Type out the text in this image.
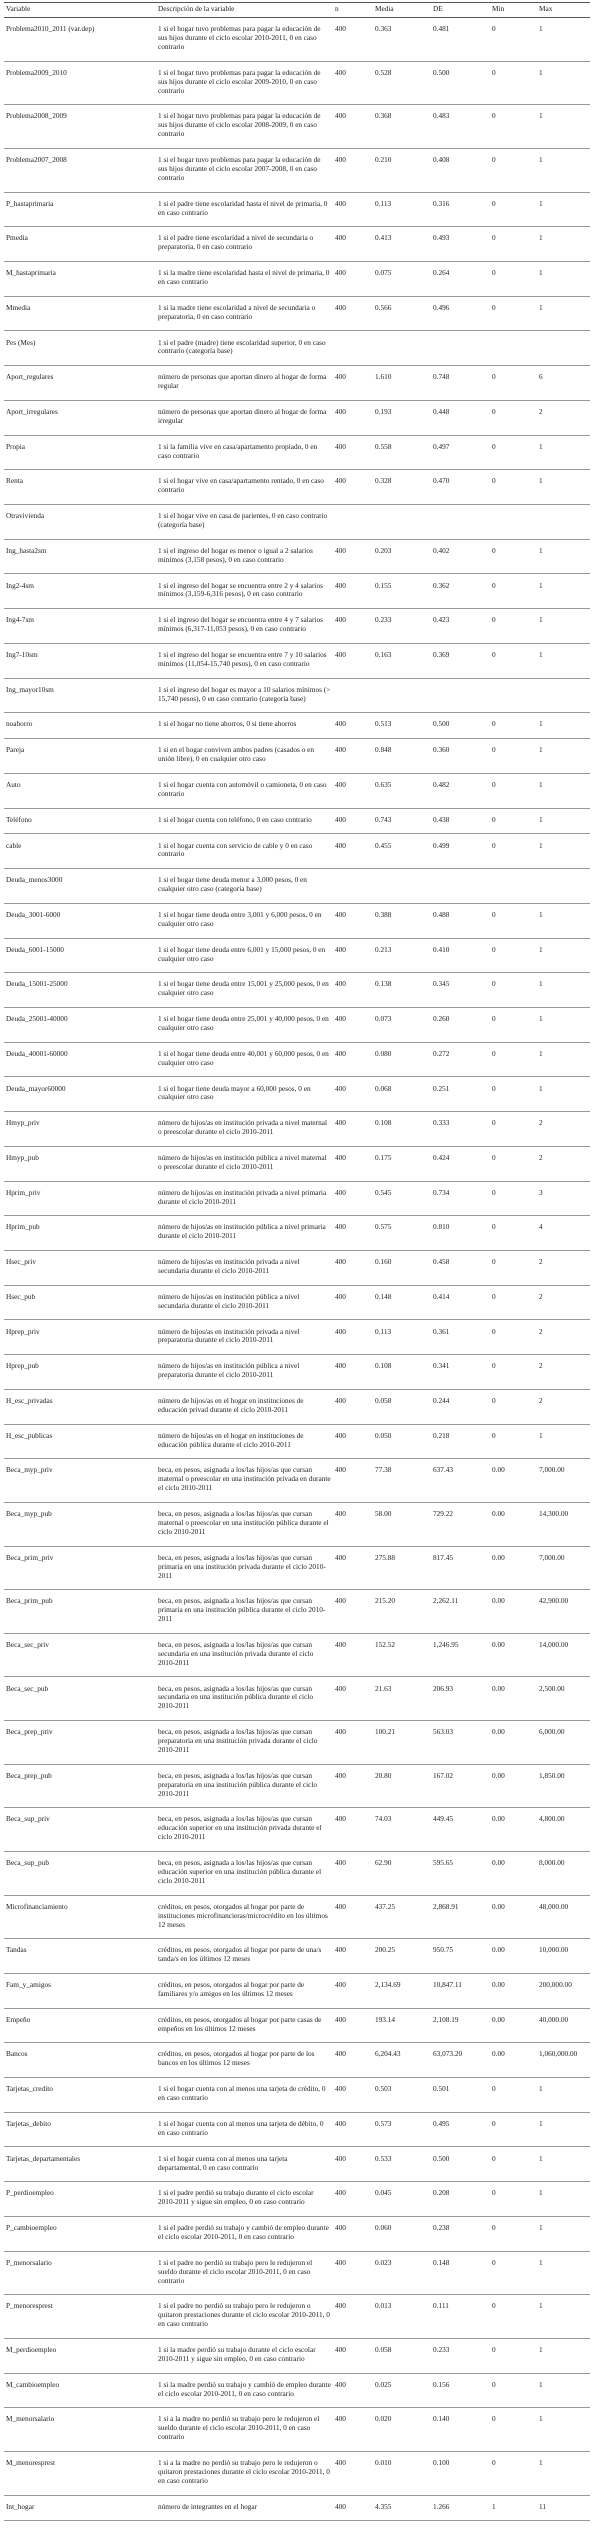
Variable	Descripción de la variable	n	Media	DE	Min	Max
Problema2010_2011 (var.dep)	1 si el hogar tuvo problemas para pagar la educación de sus hijos durante el ciclo escolar 2010-2011, 0 en caso contrario	400	0.363	0.481	0	1
Problema2009_2010	1 si el hogar tuvo problemas para pagar la educación de sus hijos durante el ciclo escolar 2009-2010, 0 en caso contrario	400	0.528	0.500	0	1
Problema2008_2009	1 si el hogar tuvo problemas para pagar la educación de sus hijos durante el ciclo escolar 2008-2009, 0 en caso contrario	400	0.368	0.483	0	1
Problema2007_2008	1 si el hogar tuvo problemas para pagar la educación de sus hijos durante el ciclo escolar 2007-2008, 0 en caso contrario	400	0.210	0.408	0	1
P_hastaprimaria	1 si el padre tiene escolaridad hasta el nivel de primaria, 0 en caso contrario	400	0.113	0.316	0	1
Pmedia	1 si el padre tiene escolaridad a nivel de secundaria o preparatoria, 0 en caso contrario	400	0.413	0.493	0	1
M_hastaprimaria	1 si la madre tiene escolaridad hasta el nivel de primaria, 0 en caso contrario	400	0.075	0.264	0	1
Mmedia	1 si la madre tiene escolaridad a nivel de secundaria o preparatoria, 0 en caso contrario	400	0.566	0.496	0	1
Pes (Mes)	1 si el padre (madre) tiene escolaridad superior, 0 en caso contrario (categoría base)					
Aport_regulares	número de personas que aportan dinero al hogar de forma regular	400	1.610	0.748	0	6
Aport_irregulares	número de personas que aportan dinero al hogar de forma irregular	400	0.193	0.448	0	2
Propia	1 si la familia vive en casa/apartamento propiado, 0 en caso contrario	400	0.558	0.497	0	1
Renta	1 si el hogar vive en casa/apartamento rentado, 0 en caso contrario	400	0.328	0.470	0	1
Otravivienda	1 si el hogar vive en casa de parientes, 0 en caso contrario (categoría base)					
Ing_hasta2sm	1 si el ingreso del hogar es menor o igual a 2 salarios mínimos (3,158 pesos), 0 en caso contrario	400	0.203	0.402	0	1
Ing2-4sm	1 si el ingreso del hogar se encuentra entre 2 y 4 salarios mínimos (3,159-6,316 pesos), 0 en caso contrario	400	0.155	0.362	0	1
Ing4-7sm	1 si el ingreso del hogar se encuentra entre 4 y 7 salarios mínimos (6,317-11,053 pesos), 0 en caso contrario	400	0.233	0.423	0	1
Ing7-10sm	1 si el ingreso del hogar se encuentra entre 7 y 10 salarios mínimos (11,054-15,740 pesos), 0 en caso contrario	400	0.163	0.369	0	1
Ing_mayor10sm	1 si el ingreso del hogar es mayor a 10 salarios mínimos (> 15,740 pesos), 0 en caso contrario (categoría base)					
noahorro	1 si el hogar no tiene ahorros, 0 si tiene ahorros	400	0.513	0.500	0	1
Pareja	1 si en el hogar conviven ambos padres (casados o en unión libre), 0 en cualquier otro caso	400	0.848	0.360	0	1
Auto	1 si el hogar cuenta con automóvil o camioneta, 0 en caso contrario	400	0.635	0.482	0	1
Teléfono	1 si el hogar cuenta con teléfono, 0 en caso contrario	400	0.743	0.438	0	1
cable	1 si el hogar cuenta con servicio de cable y 0 en caso contrario	400	0.455	0.499	0	1
Deuda_menos3000	1 si el hogar tiene deuda menor a 3,000 pesos, 0 en cualquier otro caso (categoría base)					
Deuda_3001-6000	1 si el hogar tiene deuda entre 3,001 y 6,000 pesos, 0 en cualquier otro caso	400	0.388	0.488	0	1
Deuda_6001-15000	1 si el hogar tiene deuda entre 6,001 y 15,000 pesos, 0 en cualquier otro caso	400	0.213	0.410	0	1
Deuda_15001-25000	1 si el hogar tiene deuda entre 15,001 y 25,000 pesos, 0 en cualquier otro caso	400	0.138	0.345	0	1
Deuda_25001-40000	1 si el hogar tiene deuda entre 25,001 y 40,000 pesos, 0 en cualquier otro caso	400	0.073	0.260	0	1
Deuda_40001-60000	1 si el hogar tiene deuda entre 40,001 y 60,000 pesos, 0 en cualquier otro caso	400	0.080	0.272	0	1
Deuda_mayor60000	1 si el hogar tiene deuda mayor a 60,000 pesos, 0 en cualquier otro caso	400	0.068	0.251	0	1
Hmyp_priv	número de hijos/as en institución privada a nivel maternal o preescolar durante el ciclo 2010-2011	400	0.108	0.333	0	2
Hmyp_pub	número de hijos/as en institución pública a nivel maternal o preescolar durante el ciclo 2010-2011	400	0.175	0.424	0	2
Hprim_priv	número de hijos/as en institución privada a nivel primaria durante el ciclo 2010-2011	400	0.545	0.734	0	3
Hprim_pub	número de hijos/as en institución pública a nivel primaria durante el ciclo 2010-2011	400	0.575	0.810	0	4
Hsec_priv	número de hijos/as en institución privada a nivel secundaria durante el ciclo 2010-2011	400	0.160	0.458	0	2
Hsec_pub	número de hijos/as en institución pública a nivel secundaria durante el ciclo 2010-2011	400	0.148	0.414	0	2
Hprep_priv	número de hijos/as en institución privada a nivel preparatoria durante el ciclo 2010-2011	400	0.113	0.361	0	2
Hprep_pub	número de hijos/as en institución pública a nivel preparatoria durante el ciclo 2010-2011	400	0.108	0.341	0	2
H_esc_privadas	número de hijos/as en el hogar en instituciones de educación privad durante el ciclo 2010-2011	400	0.058	0.244	0	2
H_esc_publicas	número de hijos/as en el hogar en instituciones de educación pública durante el ciclo 2010-2011	400	0.050	0.218	0	1
Beca_myp_priv	beca, en pesos, asignada a los/las hijos/as que cursan maternal o preescolar en una institución privada en durante el ciclo 2010-2011	400	77.38	637.43	0.00	7,000.00
Beca_myp_pub	beca, en pesos, asignada a los/las hijos/as que cursan maternal o preescolar en una institución pública durante el ciclo 2010-2011	400	58.00	729.22	0.00	14,300.00
Beca_prim_priv	beca, en pesos, asignada a los/las hijos/as que cursan primaria en una institución privada durante el ciclo 2010-2011	400	275.88	817.45	0.00	7,000.00
Beca_prim_pub	beca, en pesos, asignada a los/las hijos/as que cursan primaria en una institución pública durante el ciclo 2010-2011	400	215.20	2,262.11	0.00	42,900.00
Beca_sec_priv	beca, en pesos, asignada a los/las hijos/as que cursan secundaria en una institución privada durante el ciclo 2010-2011	400	152.52	1,246.95	0.00	14,000.00
Beca_sec_pub	beca, en pesos, asignada a los/las hijos/as que cursan secundaria en una institución pública durante el ciclo 2010-2011	400	21.63	206.93	0.00	2,500.00
Beca_prep_priv	beca, en pesos, asignada a los/las hijos/as que cursan preparatoria en una institución privada durante el ciclo 2010-2011	400	100.21	563.03	0.00	6,000.00
Beca_prep_pub	beca, en pesos, asignada a los/las hijos/as que cursan preparatoria en una institución pública durante el ciclo 2010-2011	400	20.80	167.02	0.00	1,850.00
Beca_sup_priv	beca, en pesos, asignada a los/las hijos/as que cursan educación superior en una institución privada durante el ciclo 2010-2011	400	74.03	449.45	0.00	4,800.00
Beca_sup_pub	beca, en pesos, asignada a los/las hijos/as que cursan educación superior en una institución pública durante el ciclo 2010-2011	400	62.90	595.65	0.00	8,000.00
Microfinanciamiento	créditos, en pesos, otorgados al hogar por parte de instituciones microfinancieras/microcrédito en los últimos 12 meses	400	437.25	2,868.91	0.00	48,000.00
Tandas	créditos, en pesos, otorgados al hogar por parte de una/s tanda/s en los últimos 12 meses	400	200.25	950.75	0.00	10,000.00
Fam_y_amigos	créditos, en pesos, otorgados al hogar por parte de familiares y/o amigos en los últimos 12 meses	400	2,134.69	10,847.11	0.00	200,000.00
Empeño	créditos, en pesos, otorgados al hogar por parte casas de empeños en los últimos 12 meses	400	193.14	2,108.19	0.00	40,000.00
Bancos	créditos, en pesos, otorgados al hogar por parte de los bancos en los últimos 12 meses	400	6,204.43	63,073.20	0.00	1,060,000.00
Tarjetas_credito	1 si el hogar cuenta con al menos una tarjeta de crédito, 0 en caso contrario	400	0.503	0.501	0	1
Tarjetas_debito	1 si el hogar cuenta con al menos una tarjeta de débito, 0 en caso contrario	400	0.573	0.495	0	1
Tarjetas_departamentales	1 si el hogar cuenta con al menos una tarjeta departamental, 0 en caso contrario	400	0.533	0.500	0	1
P_perdioempleo	1 si el padre perdió su trabajo durante el ciclo escolar 2010-2011 y sigue sin empleo, 0 en caso contrario	400	0.045	0.208	0	1
P_cambioempleo	1 si el padre perdió su trabajo y cambió de empleo durante el ciclo escolar 2010-2011, 0 en caso contrario	400	0.060	0.238	0	1
P_menorsalario	1 si el padre no perdió su trabajo pero le redujeron el sueldo durante el ciclo escolar 2010-2011, 0 en caso contrario	400	0.023	0.148	0	1
P_menoresprest	1 si el padre no perdió su trabajo pero le redujeron o quitaron prestaciones durante el ciclo escolar 2010-2011, 0 en caso contrario	400	0.013	0.111	0	1
M_perdioempleo	1 si la madre perdió su trabajo durante el ciclo escolar 2010-2011 y sigue sin empleo, 0 en caso contrario	400	0.058	0.233	0	1
M_cambioempleo	1 si la madre perdió su trabajo y cambió de empleo durante el ciclo escolar 2010-2011, 0 en caso contrario	400	0.025	0.156	0	1
M_menorsalario	1 si a la madre no perdió su trabajo pero le redujeron el sueldo durante el ciclo escolar 2010-2011, 0 en caso contrario	400	0.020	0.140	0	1
M_menoresprest	1 si a la madre no perdió su trabajo pero le redujeron o quitaron prestaciones durante el ciclo escolar 2010-2011, 0 en caso contrario	400	0.010	0.100	0	1
Int_hogar	número de integrantes en el hogar	400	4.355	1.266	1	11
